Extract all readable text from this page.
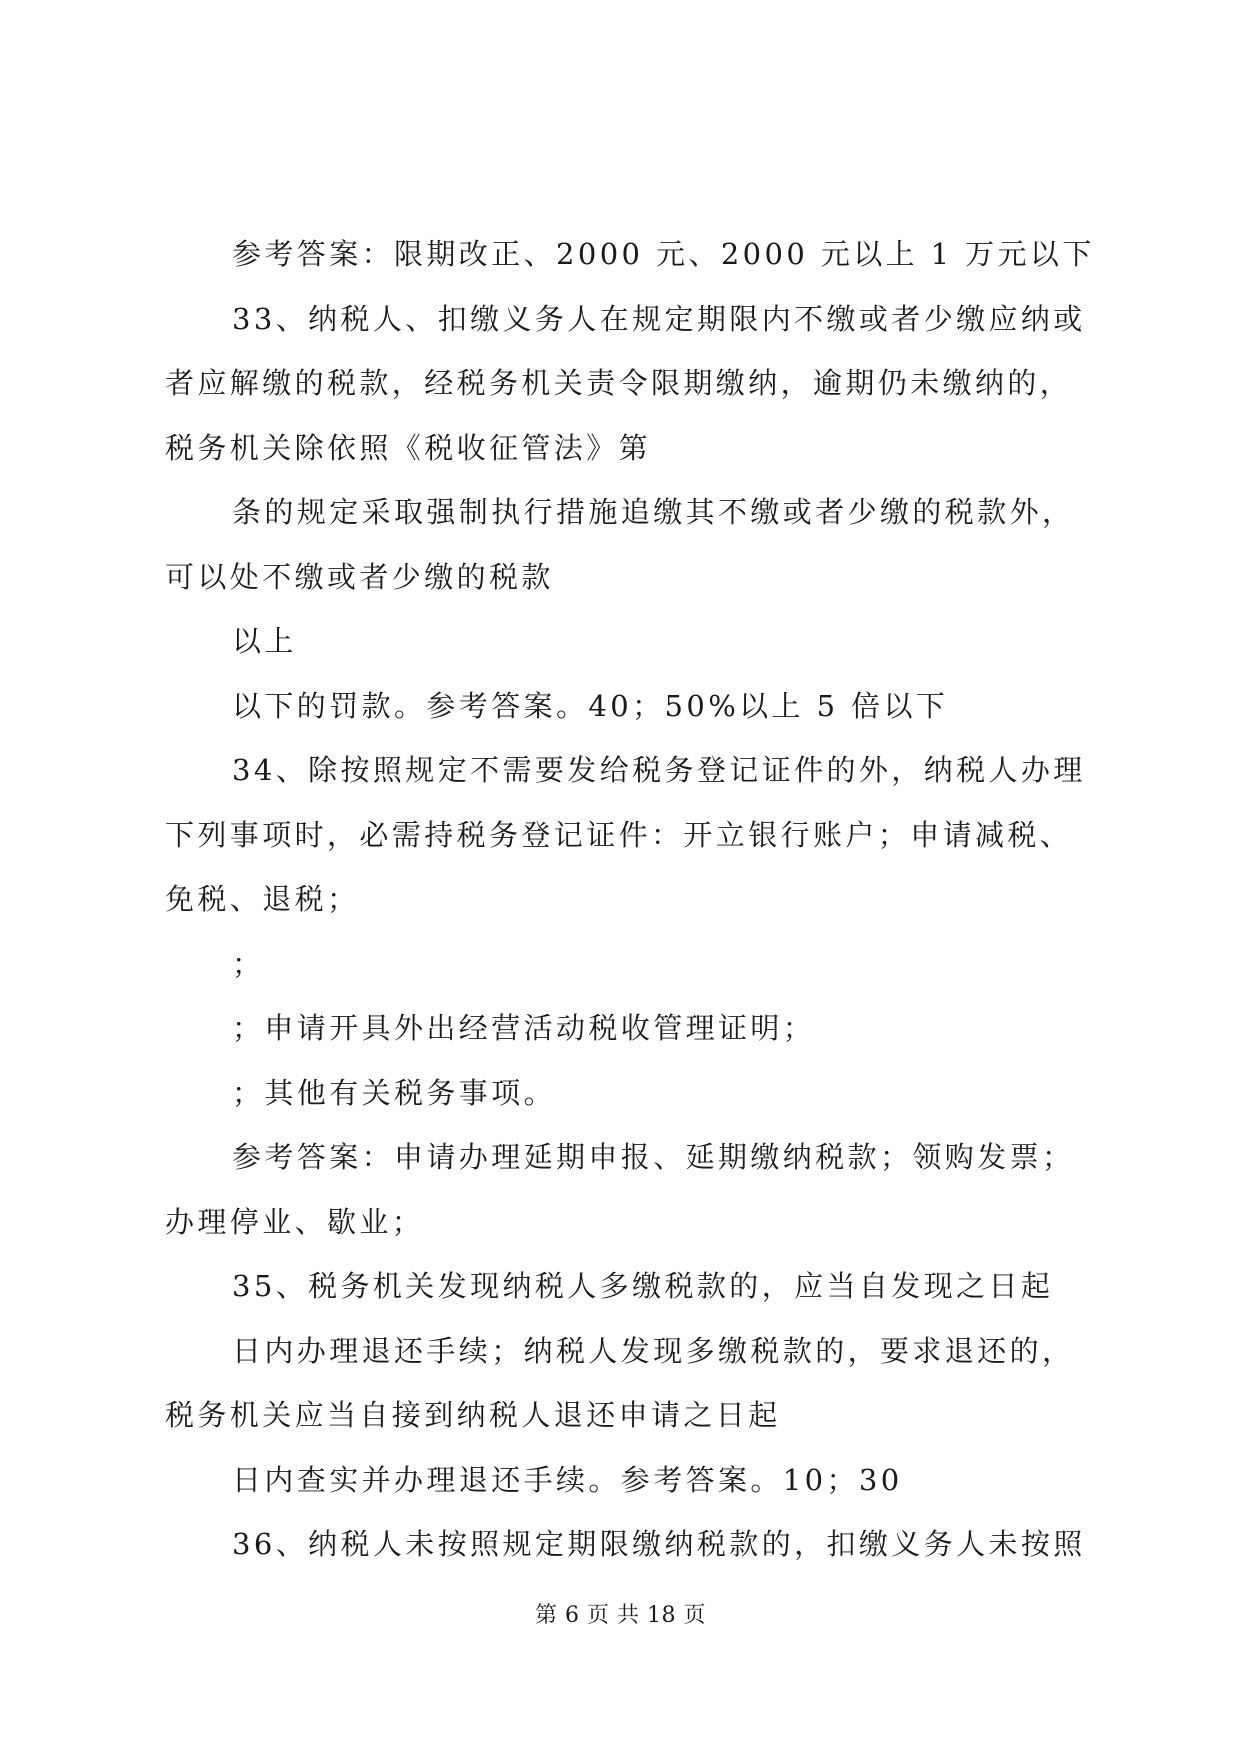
参考答案：限期改正、2000 元、2000 元以上 1 万元以下
33、纳税人、扣缴义务人在规定期限内不缴或者少缴应纳或
者应解缴的税款，经税务机关责令限期缴纳，逾期仍未缴纳的，
税务机关除依照《税收征管法》第
条的规定采取强制执行措施追缴其不缴或者少缴的税款外，
可以处不缴或者少缴的税款
以上
以下的罚款。参考答案。40；50%以上 5 倍以下
34、除按照规定不需要发给税务登记证件的外，纳税人办理
下列事项时，必需持税务登记证件：开立银行账户；申请减税、
免税、退税；
；
；申请开具外出经营活动税收管理证明；
；其他有关税务事项。
参考答案：申请办理延期申报、延期缴纳税款；领购发票；
办理停业、歇业；
35、税务机关发现纳税人多缴税款的，应当自发现之日起
日内办理退还手续；纳税人发现多缴税款的，要求退还的，
税务机关应当自接到纳税人退还申请之日起
日内查实并办理退还手续。参考答案。10；30
36、纳税人未按照规定期限缴纳税款的，扣缴义务人未按照
第 6 页 共 18 页
